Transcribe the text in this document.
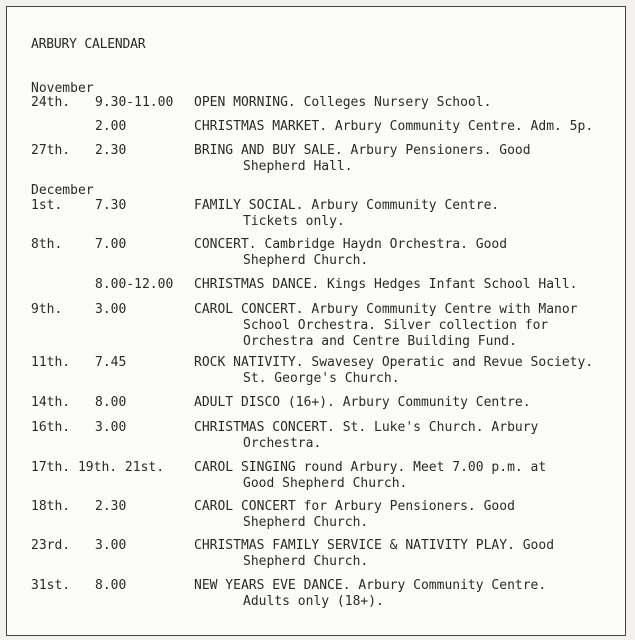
ARBURY CALENDAR
November
24th. 9.30-11.00 OPEN MORNING. Colleges Nursery School.
2.00	CHRISTMAS MARKET. Arbury Community Centre. Adm. 5p.
27th. 2.30	BRING AND BUY SALE. Arbury Pensioners. Good
Shepherd Hall.
December
1st.	7.30	FAMILY SOCIAL. Arbury Community Centre.
Tickets only.
8th.	7.00	CONCERT. Cambridge Haydn Orchestra. Good
Shepherd Church.
8.00-12.00 CHRISTMAS DANCE. Kings Hedges Infant School Hall.
9th.	3.00	CAROL CONCERT. Arbury Community Centre with Manor
School Orchestra. Silver collection for
Orchestra and Centre Building Fund.
11th. 7.45	ROCK NATIVITY. Swavesey Operatic and Revue Society.
St. George's Church.
14th. 8.00	ADULT DISCO (16+). Arbury Community Centre.
16th. 3.00	CHRISTMAS CONCERT. St. Luke's Church. Arbury
Orchestra.
17th. 19th. 21st. CAROL SINGING round Arbury. Meet 7.00 p.m. at
Good Shepherd Church.
18th. 2.30	CAROL CONCERT for Arbury Pensioners. Good
Shepherd Church.
23rd. 3.00	CHRISTMAS FAMILY SERVICE & NATIVITY PLAY. Good
Shepherd Church.
31st. 8.00	NEW YEARS EVE DANCE. Arbury Community Centre.
Adults only (18+).
